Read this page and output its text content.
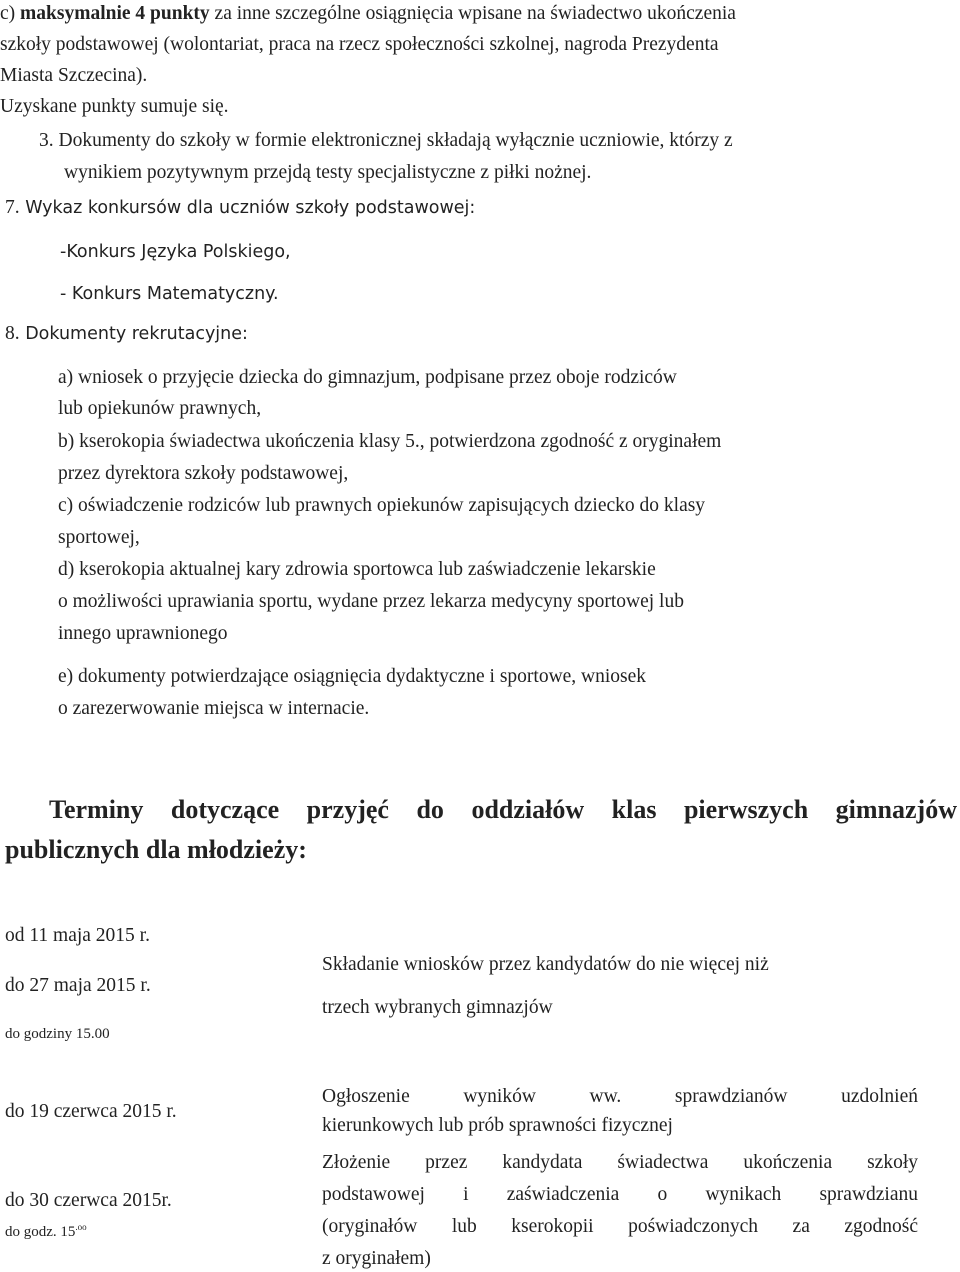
c) maksymalnie 4 punkty za inne szczególne osiągnięcia wpisane na świadectwo ukończenia
szkoły podstawowej (wolontariat, praca na rzecz społeczności szkolnej, nagroda Prezydenta
Miasta Szczecina).
Uzyskane punkty sumuje się.
3. Dokumenty do szkoły w formie elektronicznej składają wyłącznie uczniowie, którzy z
wynikiem pozytywnym przejdą testy specjalistyczne z piłki nożnej.
7. Wykaz konkursów dla uczniów szkoły podstawowej:
-Konkurs Języka Polskiego,
- Konkurs Matematyczny.
8. Dokumenty rekrutacyjne:
a) wniosek o przyjęcie dziecka do gimnazjum, podpisane przez oboje rodziców
lub opiekunów prawnych,
b) kserokopia świadectwa ukończenia klasy 5., potwierdzona zgodność z oryginałem
przez dyrektora szkoły podstawowej,
c) oświadczenie rodziców lub prawnych opiekunów zapisujących dziecko do klasy
sportowej,
d) kserokopia aktualnej kary zdrowia sportowca lub zaświadczenie lekarskie
o możliwości uprawiania sportu, wydane przez lekarza medycyny sportowej lub
innego uprawnionego
e) dokumenty potwierdzające osiągnięcia dydaktyczne i sportowe, wniosek
o zarezerwowanie miejsca w internacie.
Terminy dotyczące przyjęć do oddziałów klas pierwszych gimnazjów
publicznych dla młodzieży:
od 11 maja 2015 r.
do 27 maja 2015 r.
do godziny 15.00
Składanie wniosków przez kandydatów do nie więcej niż
trzech wybranych gimnazjów
do 19 czerwca 2015 r.
Ogłoszenie wyników ww. sprawdzianów uzdolnień
kierunkowych lub prób sprawności fizycznej
do 30 czerwca 2015r.
do godz. $15^{.oo}$
Złożenie przez kandydata świadectwa ukończenia szkoły
podstawowej i zaświadczenia o wynikach sprawdzianu
(oryginałów lub kserokopii poświadczonych za zgodność
z oryginałem)
